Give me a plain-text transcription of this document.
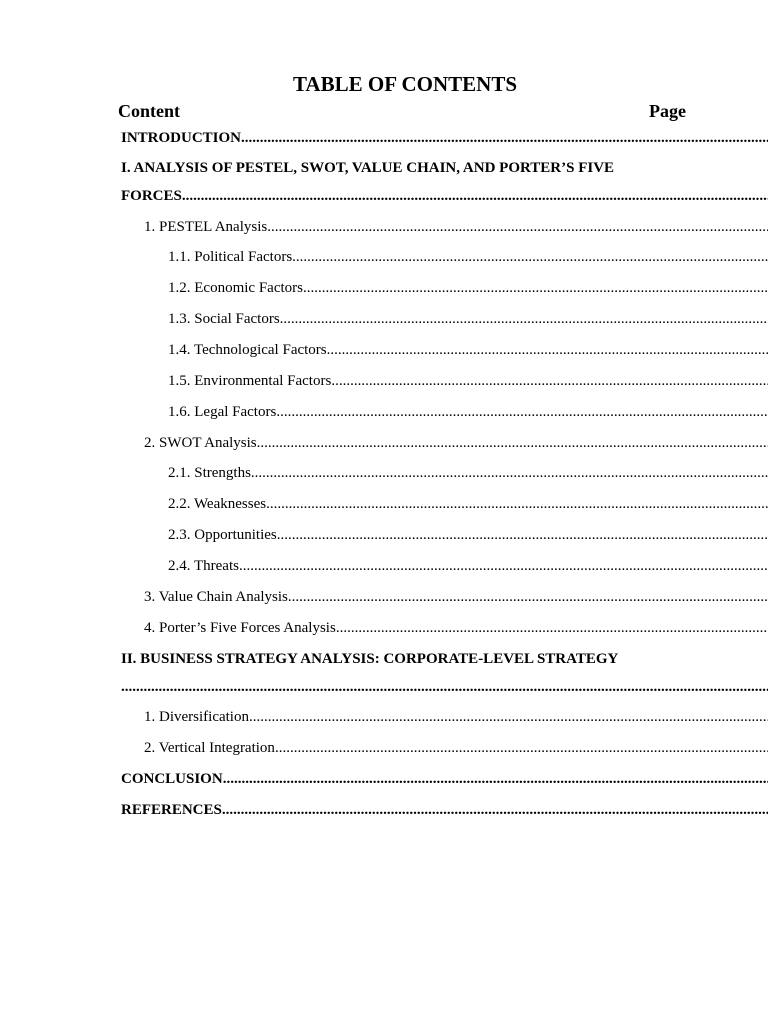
TABLE OF CONTENTS
Content	Page
INTRODUCTION .....
I. ANALYSIS OF PESTEL, SWOT, VALUE CHAIN, AND PORTER’S FIVE
FORCES .....
1. PESTEL Analysis .....
1.1. Political Factors .....
1.2. Economic Factors .....
1.3. Social Factors .....
1.4. Technological Factors .....
1.5. Environmental Factors .....
1.6. Legal Factors .....
2. SWOT Analysis .....
2.1. Strengths .....
2.2. Weaknesses .....
2.3. Opportunities .....
2.4. Threats .....
3. Value Chain Analysis .....
4. Porter’s Five Forces Analysis .....
II. BUSINESS STRATEGY ANALYSIS: CORPORATE-LEVEL STRATEGY
.....
1. Diversification .....
2. Vertical Integration .....
CONCLUSION .....
REFERENCES .....
